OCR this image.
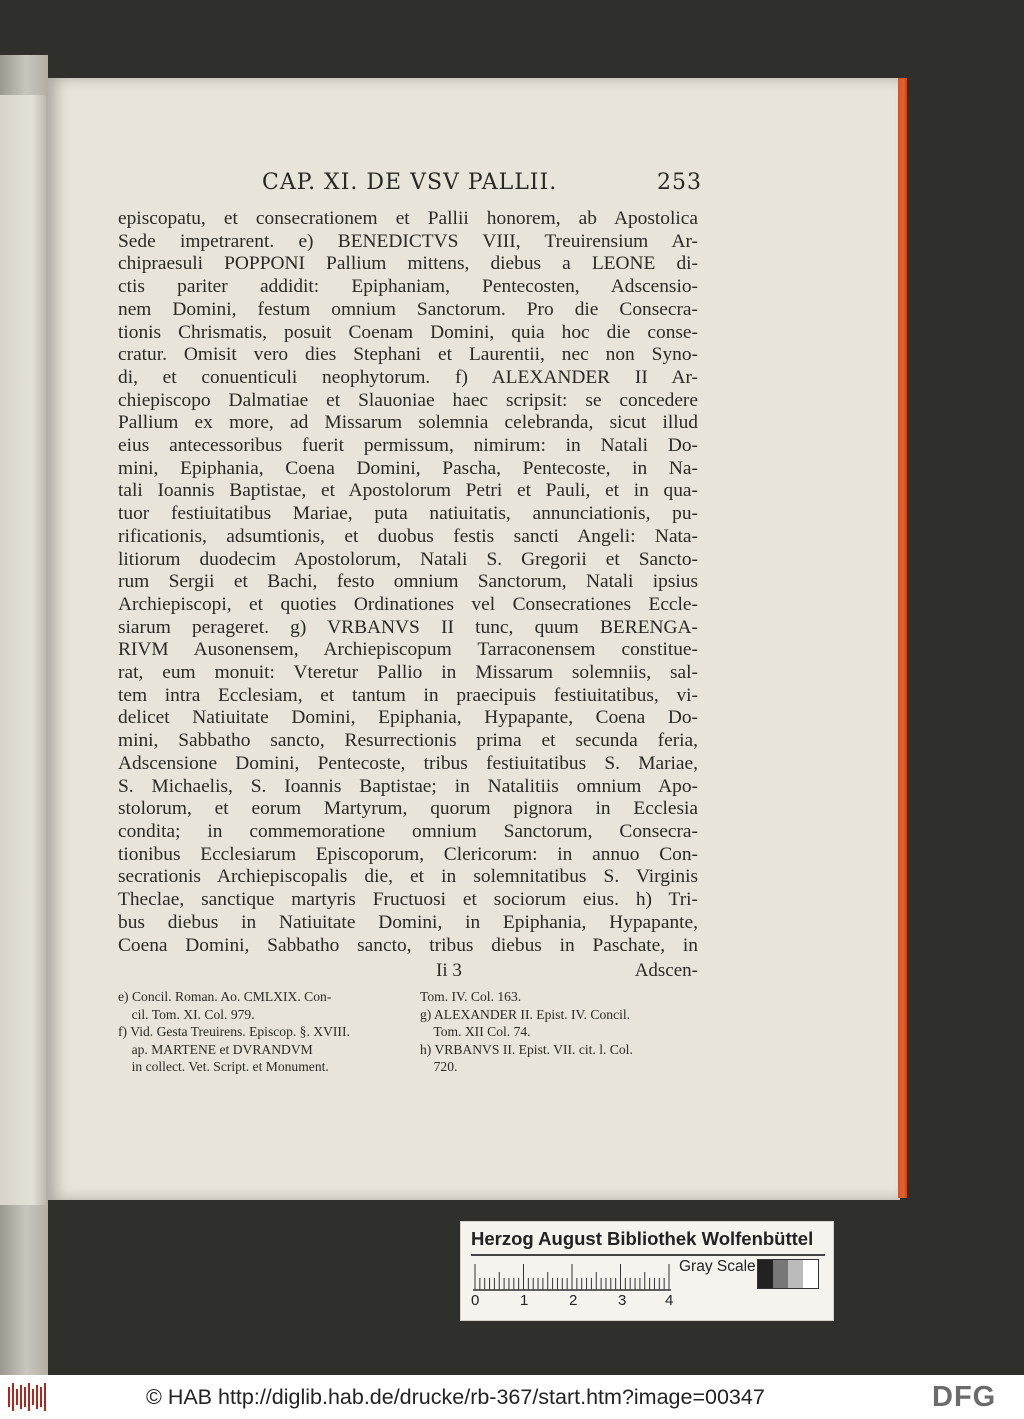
CAP. XI. DE VSV PALLII.	253
episcopatu, et consecrationem et Pallii honorem, ab Apostolica
Sede impetrarent. e) BENEDICTVS VIII, Treuirensium Ar-
chipraesuli POPPONI Pallium mittens, diebus a LEONE di-
ctis pariter addidit: Epiphaniam, Pentecosten, Adscensio-
nem Domini, festum omnium Sanctorum. Pro die Consecra-
tionis Chrismatis, posuit Coenam Domini, quia hoc die conse-
cratur. Omisit vero dies Stephani et Laurentii, nec non Syno-
di, et conuenticuli neophytorum. f) ALEXANDER II Ar-
chiepiscopo Dalmatiae et Slauoniae haec scripsit: se concedere
Pallium ex more, ad Missarum solemnia celebranda, sicut illud
eius antecessoribus fuerit permissum, nimirum: in Natali Do-
mini, Epiphania, Coena Domini, Pascha, Pentecoste, in Na-
tali Ioannis Baptistae, et Apostolorum Petri et Pauli, et in qua-
tuor festiuitatibus Mariae, puta natiuitatis, annunciationis, pu-
rificationis, adsumtionis, et duobus festis sancti Angeli: Nata-
litiorum duodecim Apostolorum, Natali S. Gregorii et Sancto-
rum Sergii et Bachi, festo omnium Sanctorum, Natali ipsius
Archiepiscopi, et quoties Ordinationes vel Consecrationes Eccle-
siarum perageret. g) VRBANVS II tunc, quum BERENGA-
RIVM Ausonensem, Archiepiscopum Tarraconensem constitue-
rat, eum monuit: Vteretur Pallio in Missarum solemniis, sal-
tem intra Ecclesiam, et tantum in praecipuis festiuitatibus, vi-
delicet Natiuitate Domini, Epiphania, Hypapante, Coena Do-
mini, Sabbatho sancto, Resurrectionis prima et secunda feria,
Adscensione Domini, Pentecoste, tribus festiuitatibus S. Mariae,
S. Michaelis, S. Ioannis Baptistae; in Natalitiis omnium Apo-
stolorum, et eorum Martyrum, quorum pignora in Ecclesia
condita; in commemoratione omnium Sanctorum, Consecra-
tionibus Ecclesiarum Episcoporum, Clericorum: in annuo Con-
secrationis Archiepiscopalis die, et in solemnitatibus S. Virginis
Theclae, sanctique martyris Fructuosi et sociorum eius. h) Tri-
bus diebus in Natiuitate Domini, in Epiphania, Hypapante,
Coena Domini, Sabbatho sancto, tribus diebus in Paschate, in
Ii 3	Adscen-
e) Concil. Roman. Ao. CMLXIX. Con-
cil. Tom. XI. Col. 979.
f) Vid. Gesta Treuirens. Episcop. §. XVIII.
ap. MARTENE et DVRANDVM
in collect. Vet. Script. et Monument.
Tom. IV. Col. 163.
g) ALEXANDER II. Epist. IV. Concil.
Tom. XII Col. 74.
h) VRBANVS II. Epist. VII. cit. l. Col.
720.
Herzog August Bibliothek Wolfenbüttel
0	1	2	3	4
Gray Scale
© HAB http://diglib.hab.de/drucke/rb-367/start.htm?image=00347	DFG
